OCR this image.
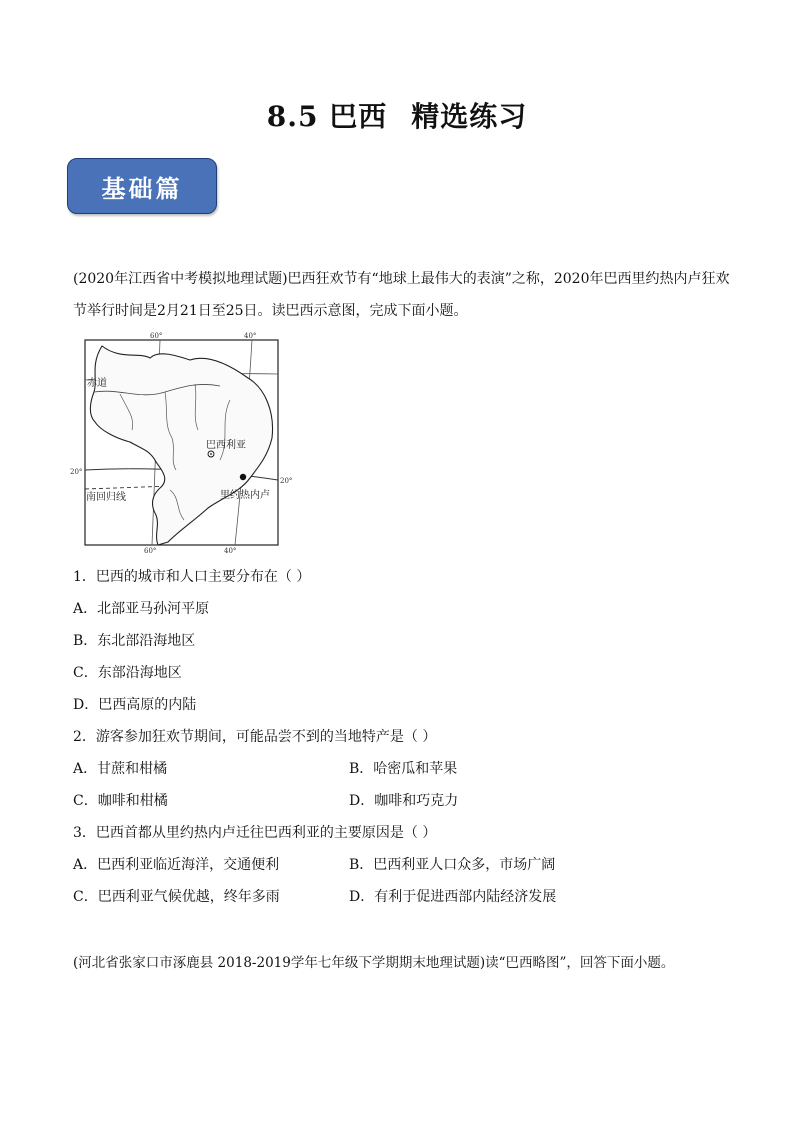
8.5 巴西 精选练习
基础篇
(2020年江西省中考模拟地理试题)巴西狂欢节有“地球上最伟大的表演”之称，2020年巴西里约热内卢狂欢
节举行时间是2月21日至25日。读巴西示意图，完成下面小题。
60°	40°
赤道
巴西利亚
20°
20°
南回归线	里约热内卢
60°	40°
1．巴西的城市和人口主要分布在（ ）
A．北部亚马孙河平原
B．东北部沿海地区
C．东部沿海地区
D．巴西高原的内陆
2．游客参加狂欢节期间，可能品尝不到的当地特产是（ ）
A．甘蔗和柑橘	B．哈密瓜和苹果
C．咖啡和柑橘	D．咖啡和巧克力
3．巴西首都从里约热内卢迁往巴西利亚的主要原因是（ ）
A．巴西利亚临近海洋，交通便利	B．巴西利亚人口众多，市场广阔
C．巴西利亚气候优越，终年多雨	D．有利于促进西部内陆经济发展
(河北省张家口市涿鹿县 2018-2019学年七年级下学期期末地理试题)读“巴西略图”，回答下面小题。
